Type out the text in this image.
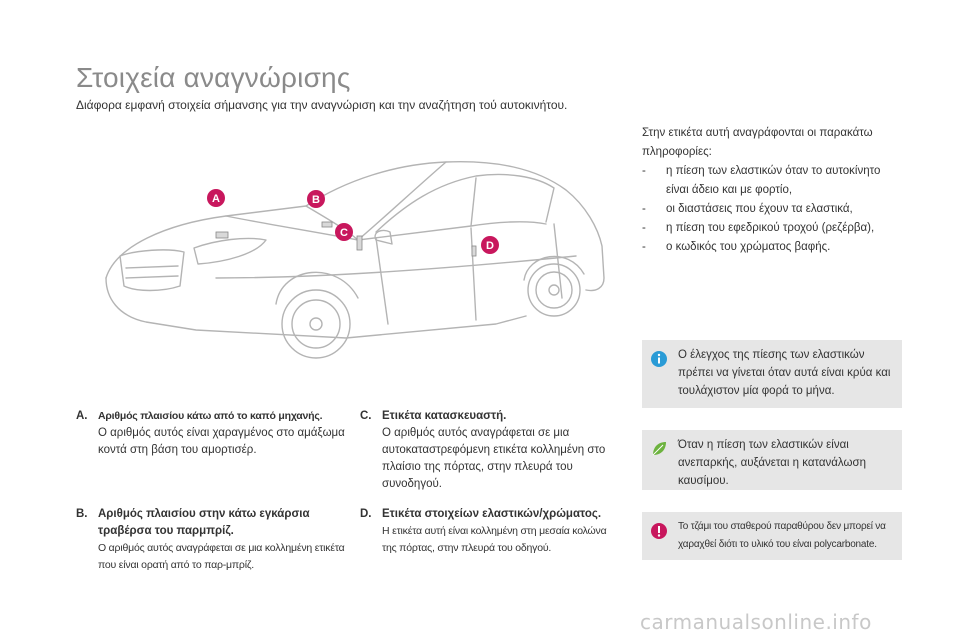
Στοιχεία αναγνώρισης

Διάφορα εμφανή στοιχεία σήμανσης για την αναγνώριση και την αναζήτηση τού αυτοκινήτου.

A	B
C
D
A.	Αριθμός πλαισίου κάτω από το καπό μηχανής.
Ο αριθμός αυτός είναι χαραγμένος στο αμάξωμα κοντά στη βάση του αμορτισέρ.
B. Αριθμός πλαισίου στην κάτω εγκάρσια τραβέρσα του παρμπρίζ.
Ο αριθμός αυτός αναγράφεται σε μια κολλημένη ετικέτα που είναι ορατή από το παρ-μπρίζ.
C. Ετικέτα κατασκευαστή.
Ο αριθμός αυτός αναγράφεται σε μια αυτοκαταστρεφόμενη ετικέτα κολλημένη στο πλαίσιο της πόρτας, στην πλευρά του συνοδηγού.
D. Ετικέτα στοιχείων ελαστικών/χρώματος.
Η ετικέτα αυτή είναι κολλημένη στη μεσαία κολώνα της πόρτας, στην πλευρά του οδηγού.

Στην ετικέτα αυτή αναγράφονται οι παρακάτω πληροφορίες:

-	η πίεση των ελαστικών όταν το αυτοκίνητο είναι άδειο και με φορτίο,
-	οι διαστάσεις που έχουν τα ελαστικά,
-	η πίεση του εφεδρικού τροχού (ρεζέρβα),
-	ο κωδικός του χρώματος βαφής.
Ο έλεγχος της πίεσης των ελαστικών πρέπει να γίνεται όταν αυτά είναι κρύα και τουλάχιστον μία φορά το μήνα.
Όταν η πίεση των ελαστικών είναι ανεπαρκής, αυξάνεται η κατανάλωση καυσίμου.
Το τζάμι του σταθερού παραθύρου δεν μπορεί να χαραχθεί διότι το υλικό του είναι polycarbonate.
carmanualsonline.info
